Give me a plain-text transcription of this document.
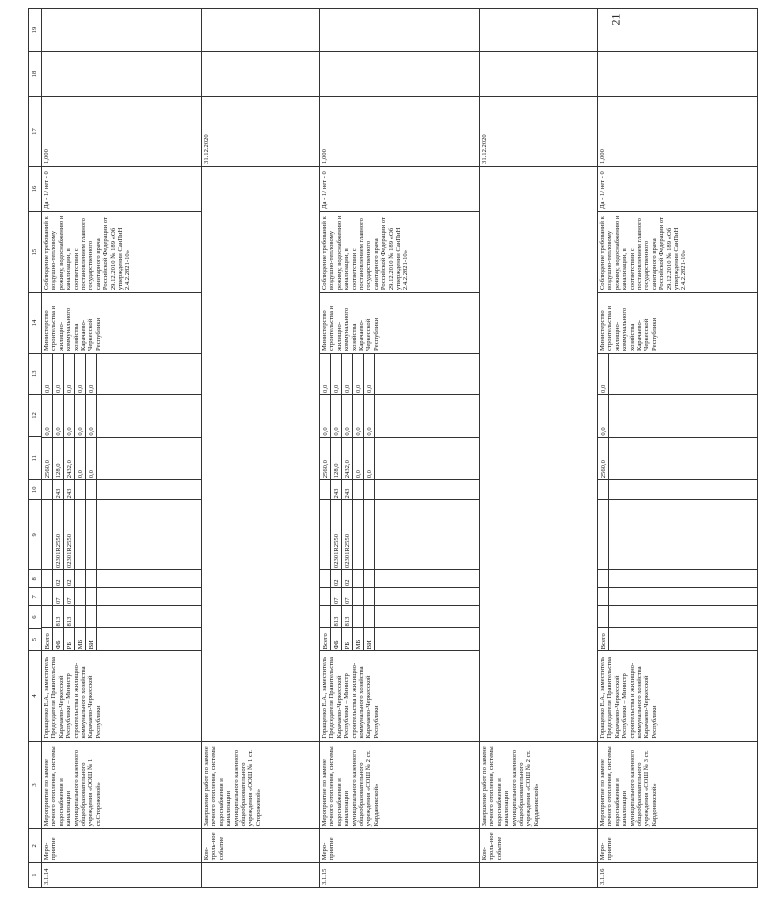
21
1	2	3	4	5	6	7	8	9	10	11	12	13	14	15	16	17	18	19
3.1.14	Меро-приятие	Мероприятие по замене печного отопления, системы водоснабжения и канализации муниципального казенного общеобразовательного учреждения «ООШ № 1 ст.Сторожевой»	Горащенко Е.А., заместитель Председателя Правительства Карачаево-Черкесской Республики – Министр строительства и жилищно-коммунального хозяйства Карачаево-Черкесской Республики	
Всего						2560,0	0,0	0,0
ФБ	813	07	02	02301R2550	243	128,0	0,0	0,0
РБ	813	07	02	02301R2550	243	2432,0	0,0	0,0
МБ						0,0	0,0	0,0
ВИ						0,0	0,0	0,0

	Министерство строительства и жилищно-коммунального хозяйства Карачаево-Черкесской Республики	Соблюдение требований к воздушно-тепловому режиму, водоснабжению и канализации, в соответствии с постановлением главного государственного санитарного врача Российской Федерации от 29.12.2010 № 189 «Об утверждении СанПиН 2.4.2.2821-10»	Да - 1/ нет - 0	1,000		
	Кон-троль-ное событие	Завершение работ по замене печного отопления, системы водоснабжения и канализации муниципального казенного общеобразовательного учреждения «ООШ № 1 ст. Сторожевой»		31.12.2020		
3.1.15	Меро-приятие	Мероприятие по замене печного отопления, системы водоснабжения и канализации муниципального казенного общеобразовательного учреждения «СОШ № 2 ст. Карданикской»	Горащенко Е.А., заместитель Председателя Правительства Карачаево-Черкесской Республики – Министр строительства и жилищно-коммунального хозяйства Карачаево-Черкесской Республики	
Всего						2560,0	0,0	0,0
ФБ	813	07	02	02301R2550	243	128,0	0,0	0,0
РБ	813	07	02	02301R2550	243	2432,0	0,0	0,0
МБ						0,0	0,0	0,0
ВИ						0,0	0,0	0,0

	Министерство строительства и жилищно-коммунального хозяйства Карачаево-Черкесской Республики	Соблюдение требований к воздушно-тепловому режиму, водоснабжению и канализации, в соответствии с постановлением главного государственного санитарного врача Российской Федерации от 29.12.2010 № 189 «Об утверждении СанПиН 2.4.2.2821-10»	Да - 1/ нет - 0	1,000		
	Кон-троль-ное событие	Завершение работ по замене печного отопления, системы водоснабжения и канализации муниципального казенного общеобразовательного учреждения «СОШ № 2 ст. Карданикской»		31.12.2020		
3.1.16	Меро-приятие	Мероприятие по замене печного отопления, системы водоснабжения и канализации муниципального казенного общеобразовательного учреждения «СОШ № 3 ст. Кардоникской»	Горащенко Е.А., заместитель Председателя Правительства Карачаево-Черкесской Республики – Министр строительства и жилищно-коммунального хозяйства Карачаево-Черкесской Республики	
Всего						2560,0	0,0	0,0

	Министерство строительства и жилищно-коммунального хозяйства Карачаево-Черкесской Республики	Соблюдение требований к воздушно-тепловому режиму, водоснабжению и канализации, в соответствии с постановлением главного государственного санитарного врача Российской Федерации от 29.12.2010 № 189 «Об утверждении СанПиН 2.4.2.2821-10»	Да - 1/ нет - 0	1,000		
